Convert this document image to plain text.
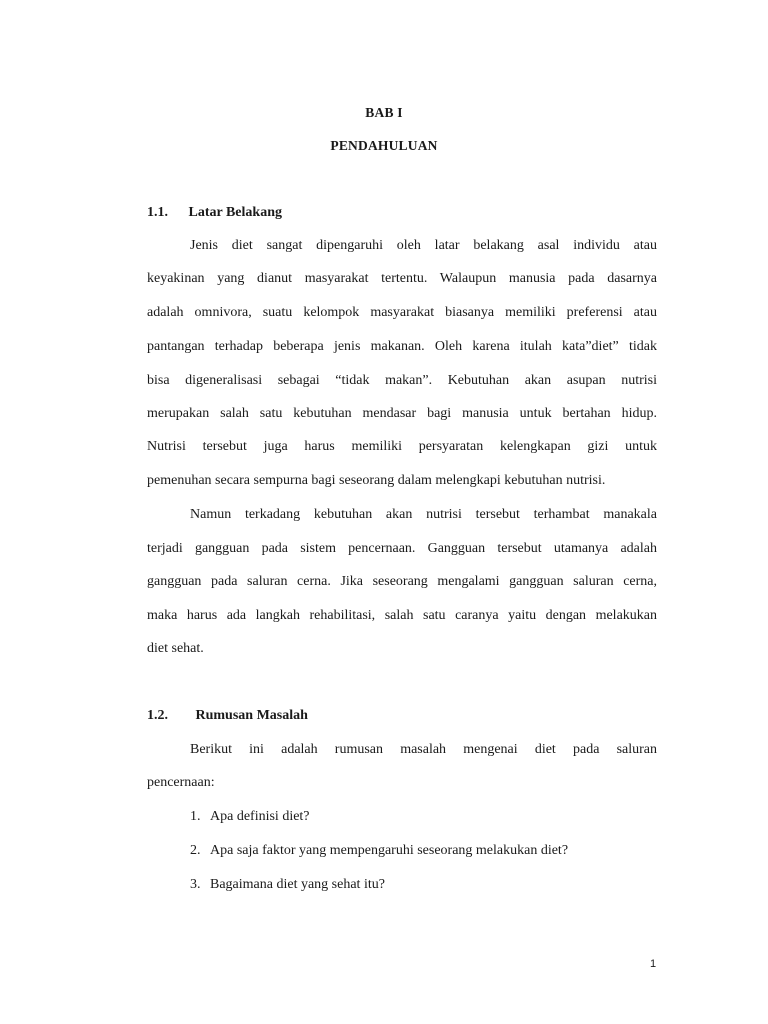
BAB I
PENDAHULUAN
1.1. Latar Belakang
Jenis diet sangat dipengaruhi oleh latar belakang asal individu atau
keyakinan yang dianut masyarakat tertentu. Walaupun manusia pada dasarnya
adalah omnivora, suatu kelompok masyarakat biasanya memiliki preferensi atau
pantangan terhadap beberapa jenis makanan. Oleh karena itulah kata”diet” tidak
bisa digeneralisasi sebagai “tidak makan”. Kebutuhan akan asupan nutrisi
merupakan salah satu kebutuhan mendasar bagi manusia untuk bertahan hidup.
Nutrisi tersebut juga harus memiliki persyaratan kelengkapan gizi untuk
pemenuhan secara sempurna bagi seseorang dalam melengkapi kebutuhan nutrisi.
Namun terkadang kebutuhan akan nutrisi tersebut terhambat manakala
terjadi gangguan pada sistem pencernaan. Gangguan tersebut utamanya adalah
gangguan pada saluran cerna. Jika seseorang mengalami gangguan saluran cerna,
maka harus ada langkah rehabilitasi, salah satu caranya yaitu dengan melakukan
diet sehat.
1.2. Rumusan Masalah
Berikut ini adalah rumusan masalah mengenai diet pada saluran
pencernaan:
1. Apa definisi diet?
2. Apa saja faktor yang mempengaruhi seseorang melakukan diet?
3. Bagaimana diet yang sehat itu?
1
